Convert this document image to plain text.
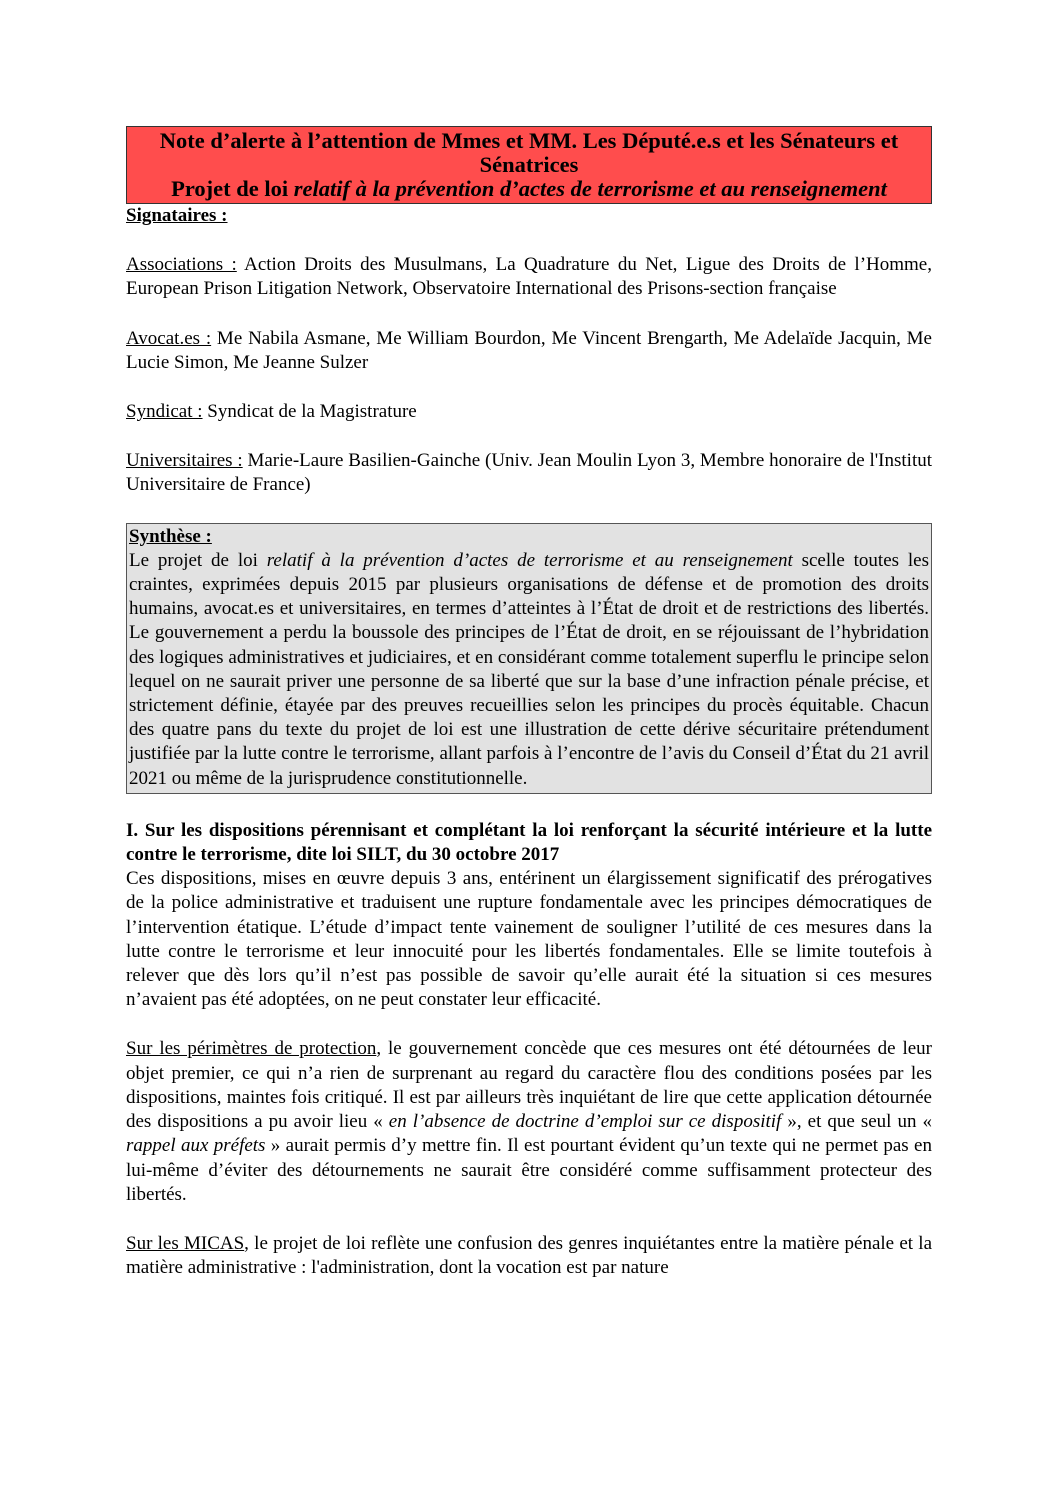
Note d’alerte à l’attention de Mmes et MM. Les Député.e.s et les Sénateurs et Sénatrices
Projet de loi relatif à la prévention d’actes de terrorisme et au renseignement

Signataires :

Associations : Action Droits des Musulmans, La Quadrature du Net, Ligue des Droits de l’Homme, European Prison Litigation Network, Observatoire International des Prisons-section française

Avocat.es : Me Nabila Asmane, Me William Bourdon, Me Vincent Brengarth, Me Adelaïde Jacquin, Me Lucie Simon, Me Jeanne Sulzer

Syndicat : Syndicat de la Magistrature

Universitaires : Marie-Laure Basilien-Gainche (Univ. Jean Moulin Lyon 3, Membre honoraire de l'Institut Universitaire de France)

Synthèse :

Le projet de loi relatif à la prévention d’actes de terrorisme et au renseignement scelle toutes les craintes, exprimées depuis 2015 par plusieurs organisations de défense et de promotion des droits humains, avocat.es et universitaires, en termes d’atteintes à l’État de droit et de restrictions des libertés. Le gouvernement a perdu la boussole des principes de l’État de droit, en se réjouissant de l’hybridation des logiques administratives et judiciaires, et en considérant comme totalement superflu le principe selon lequel on ne saurait priver une personne de sa liberté que sur la base d’une infraction pénale précise, et strictement définie, étayée par des preuves recueillies selon les principes du procès équitable. Chacun des quatre pans du texte du projet de loi est une illustration de cette dérive sécuritaire prétendument justifiée par la lutte contre le terrorisme, allant parfois à l’encontre de l’avis du Conseil d’État du 21 avril 2021 ou même de la jurisprudence constitutionnelle.

I. Sur les dispositions pérennisant et complétant la loi renforçant la sécurité intérieure et la lutte contre le terrorisme, dite loi SILT, du 30 octobre 2017

Ces dispositions, mises en œuvre depuis 3 ans, entérinent un élargissement significatif des prérogatives de la police administrative et traduisent une rupture fondamentale avec les principes démocratiques de l’intervention étatique. L’étude d’impact tente vainement de souligner l’utilité de ces mesures dans la lutte contre le terrorisme et leur innocuité pour les libertés fondamentales. Elle se limite toutefois à relever que dès lors qu’il n’est pas possible de savoir qu’elle aurait été la situation si ces mesures n’avaient pas été adoptées, on ne peut constater leur efficacité.

Sur les périmètres de protection, le gouvernement concède que ces mesures ont été détournées de leur objet premier, ce qui n’a rien de surprenant au regard du caractère flou des conditions posées par les dispositions, maintes fois critiqué. Il est par ailleurs très inquiétant de lire que cette application détournée des dispositions a pu avoir lieu « en l’absence de doctrine d’emploi sur ce dispositif », et que seul un « rappel aux préfets » aurait permis d’y mettre fin. Il est pourtant évident qu’un texte qui ne permet pas en lui-même d’éviter des détournements ne saurait être considéré comme suffisamment protecteur des libertés.

Sur les MICAS, le projet de loi reflète une confusion des genres inquiétantes entre la matière pénale et la matière administrative : l'administration, dont la vocation est par nature
